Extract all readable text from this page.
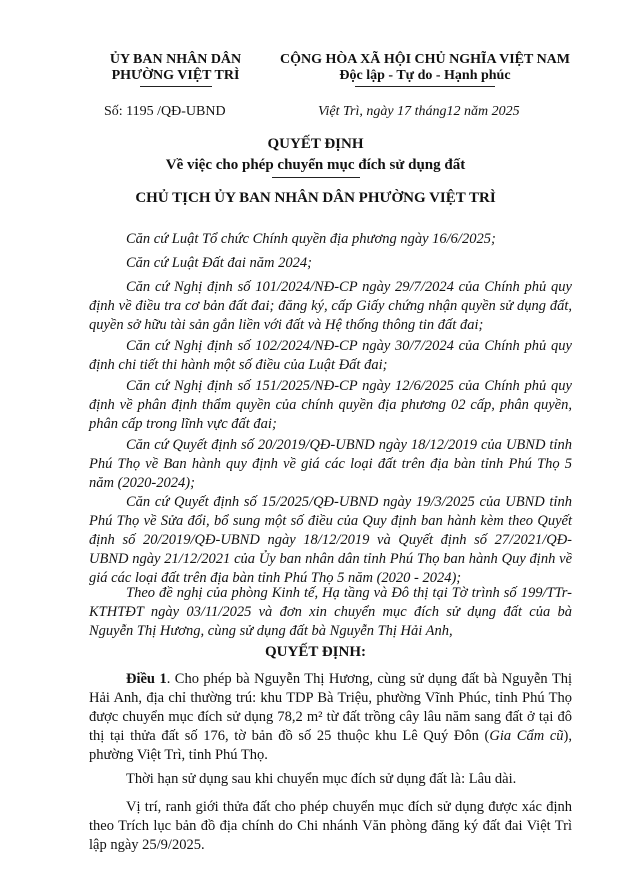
ỦY BAN NHÂN DÂN
PHƯỜNG VIỆT TRÌ
CỘNG HÒA XÃ HỘI CHỦ NGHĨA VIỆT NAM
Độc lập - Tự do - Hạnh phúc
Số: 1195 /QĐ-UBND	Việt Trì, ngày 17 tháng12 năm 2025
QUYẾT ĐỊNH
Về việc cho phép chuyển mục đích sử dụng đất
CHỦ TỊCH ỦY BAN NHÂN DÂN PHƯỜNG VIỆT TRÌ
Căn cứ Luật Tổ chức Chính quyền địa phương ngày 16/6/2025;
Căn cứ Luật Đất đai năm 2024;
Căn cứ Nghị định số 101/2024/NĐ-CP ngày 29/7/2024 của Chính phủ quy định về điều tra cơ bản đất đai; đăng ký, cấp Giấy chứng nhận quyền sử dụng đất, quyền sở hữu tài sản gắn liền với đất và Hệ thống thông tin đất đai;
Căn cứ Nghị định số 102/2024/NĐ-CP ngày 30/7/2024 của Chính phủ quy định chi tiết thi hành một số điều của Luật Đất đai;
Căn cứ Nghị định số 151/2025/NĐ-CP ngày 12/6/2025 của Chính phủ quy định về phân định thẩm quyền của chính quyền địa phương 02 cấp, phân quyền, phân cấp trong lĩnh vực đất đai;
Căn cứ Quyết định số 20/2019/QĐ-UBND ngày 18/12/2019 của UBND tỉnh Phú Thọ về Ban hành quy định về giá các loại đất trên địa bàn tỉnh Phú Thọ 5 năm (2020-2024);
Căn cứ Quyết định số 15/2025/QĐ-UBND ngày 19/3/2025 của UBND tỉnh Phú Thọ về Sửa đổi, bổ sung một số điều của Quy định ban hành kèm theo Quyết định số 20/2019/QĐ-UBND ngày 18/12/2019 và Quyết định số 27/2021/QĐ-UBND ngày 21/12/2021 của Ủy ban nhân dân tỉnh Phú Thọ ban hành Quy định về giá các loại đất trên địa bàn tỉnh Phú Thọ 5 năm (2020 - 2024);
Theo đề nghị của phòng Kinh tế, Hạ tầng và Đô thị tại Tờ trình số 199/TTr-KTHTĐT ngày 03/11/2025 và đơn xin chuyển mục đích sử dụng đất của bà Nguyễn Thị Hương, cùng sử dụng đất bà Nguyễn Thị Hải Anh,
QUYẾT ĐỊNH:
Điều 1. Cho phép bà Nguyễn Thị Hương, cùng sử dụng đất bà Nguyễn Thị Hải Anh, địa chỉ thường trú: khu TDP Bà Triệu, phường Vĩnh Phúc, tỉnh Phú Thọ được chuyển mục đích sử dụng 78,2 m² từ đất trồng cây lâu năm sang đất ở tại đô thị tại thửa đất số 176, tờ bản đồ số 25 thuộc khu Lê Quý Đôn (Gia Cẩm cũ), phường Việt Trì, tỉnh Phú Thọ.
Thời hạn sử dụng sau khi chuyển mục đích sử dụng đất là: Lâu dài.
Vị trí, ranh giới thửa đất cho phép chuyển mục đích sử dụng được xác định theo Trích lục bản đồ địa chính do Chi nhánh Văn phòng đăng ký đất đai Việt Trì lập ngày 25/9/2025.
